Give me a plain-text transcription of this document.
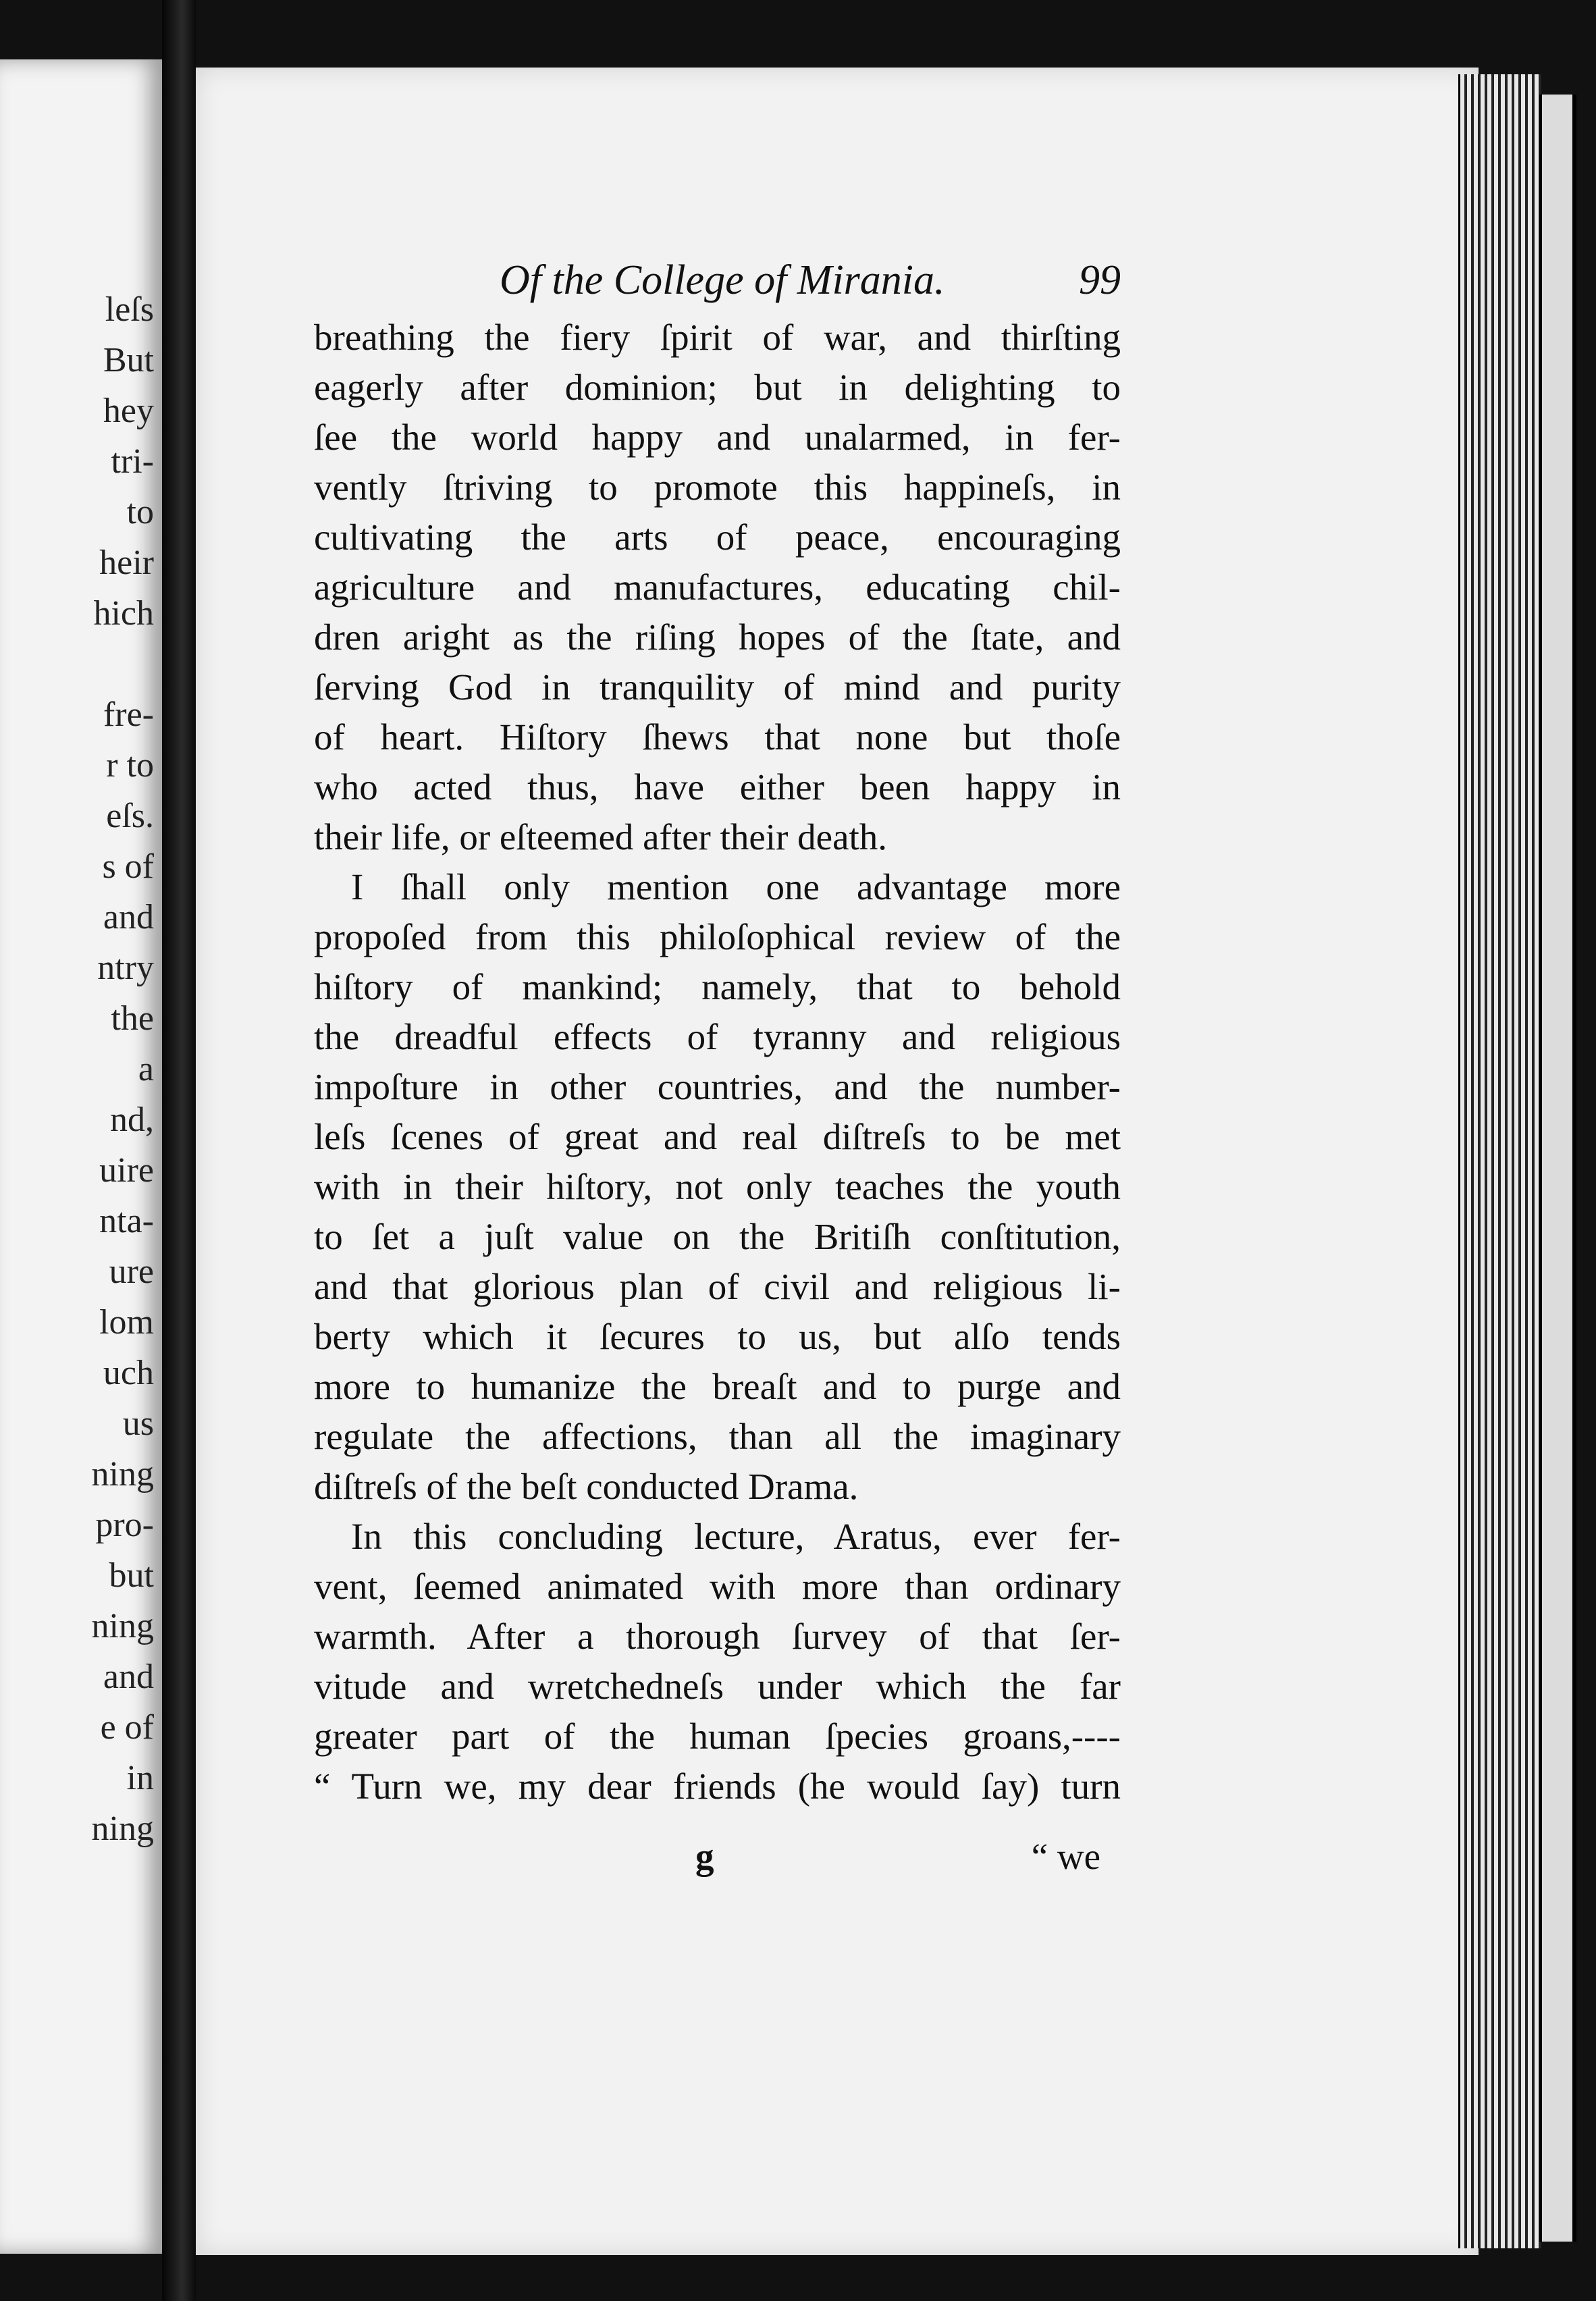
leſs
But
hey
tri-
to
heir
hich
fre-
r to
eſs.
s of
and
ntry
the
a
nd,
uire
nta-
ure
lom
uch
us
ning
pro-
but
ning
and
e of
in
ning
Of the College of Mirania.	99
breathing the fiery ſpirit of war, and thirſting
eagerly after dominion; but in delighting to
ſee the world happy and unalarmed, in fer-
vently ſtriving to promote this happineſs, in
cultivating the arts of peace, encouraging
agriculture and manufactures, educating chil-
dren aright as the riſing hopes of the ſtate, and
ſerving God in tranquility of mind and purity
of heart. Hiſtory ſhews that none but thoſe
who acted thus, have either been happy in
their life, or eſteemed after their death.
I ſhall only mention one advantage more
propoſed from this philoſophical review of the
hiſtory of mankind; namely, that to behold
the dreadful effects of tyranny and religious
impoſture in other countries, and the number-
leſs ſcenes of great and real diſtreſs to be met
with in their hiſtory, not only teaches the youth
to ſet a juſt value on the Britiſh conſtitution,
and that glorious plan of civil and religious li-
berty which it ſecures to us, but alſo tends
more to humanize the breaſt and to purge and
regulate the affections, than all the imaginary
diſtreſs of the beſt conducted Drama.
In this concluding lecture, Aratus, ever fer-
vent, ſeemed animated with more than ordinary
warmth. After a thorough ſurvey of that ſer-
vitude and wretchedneſs under which the far
greater part of the human ſpecies groans,----
“ Turn we, my dear friends (he would ſay) turn
g	“ we
